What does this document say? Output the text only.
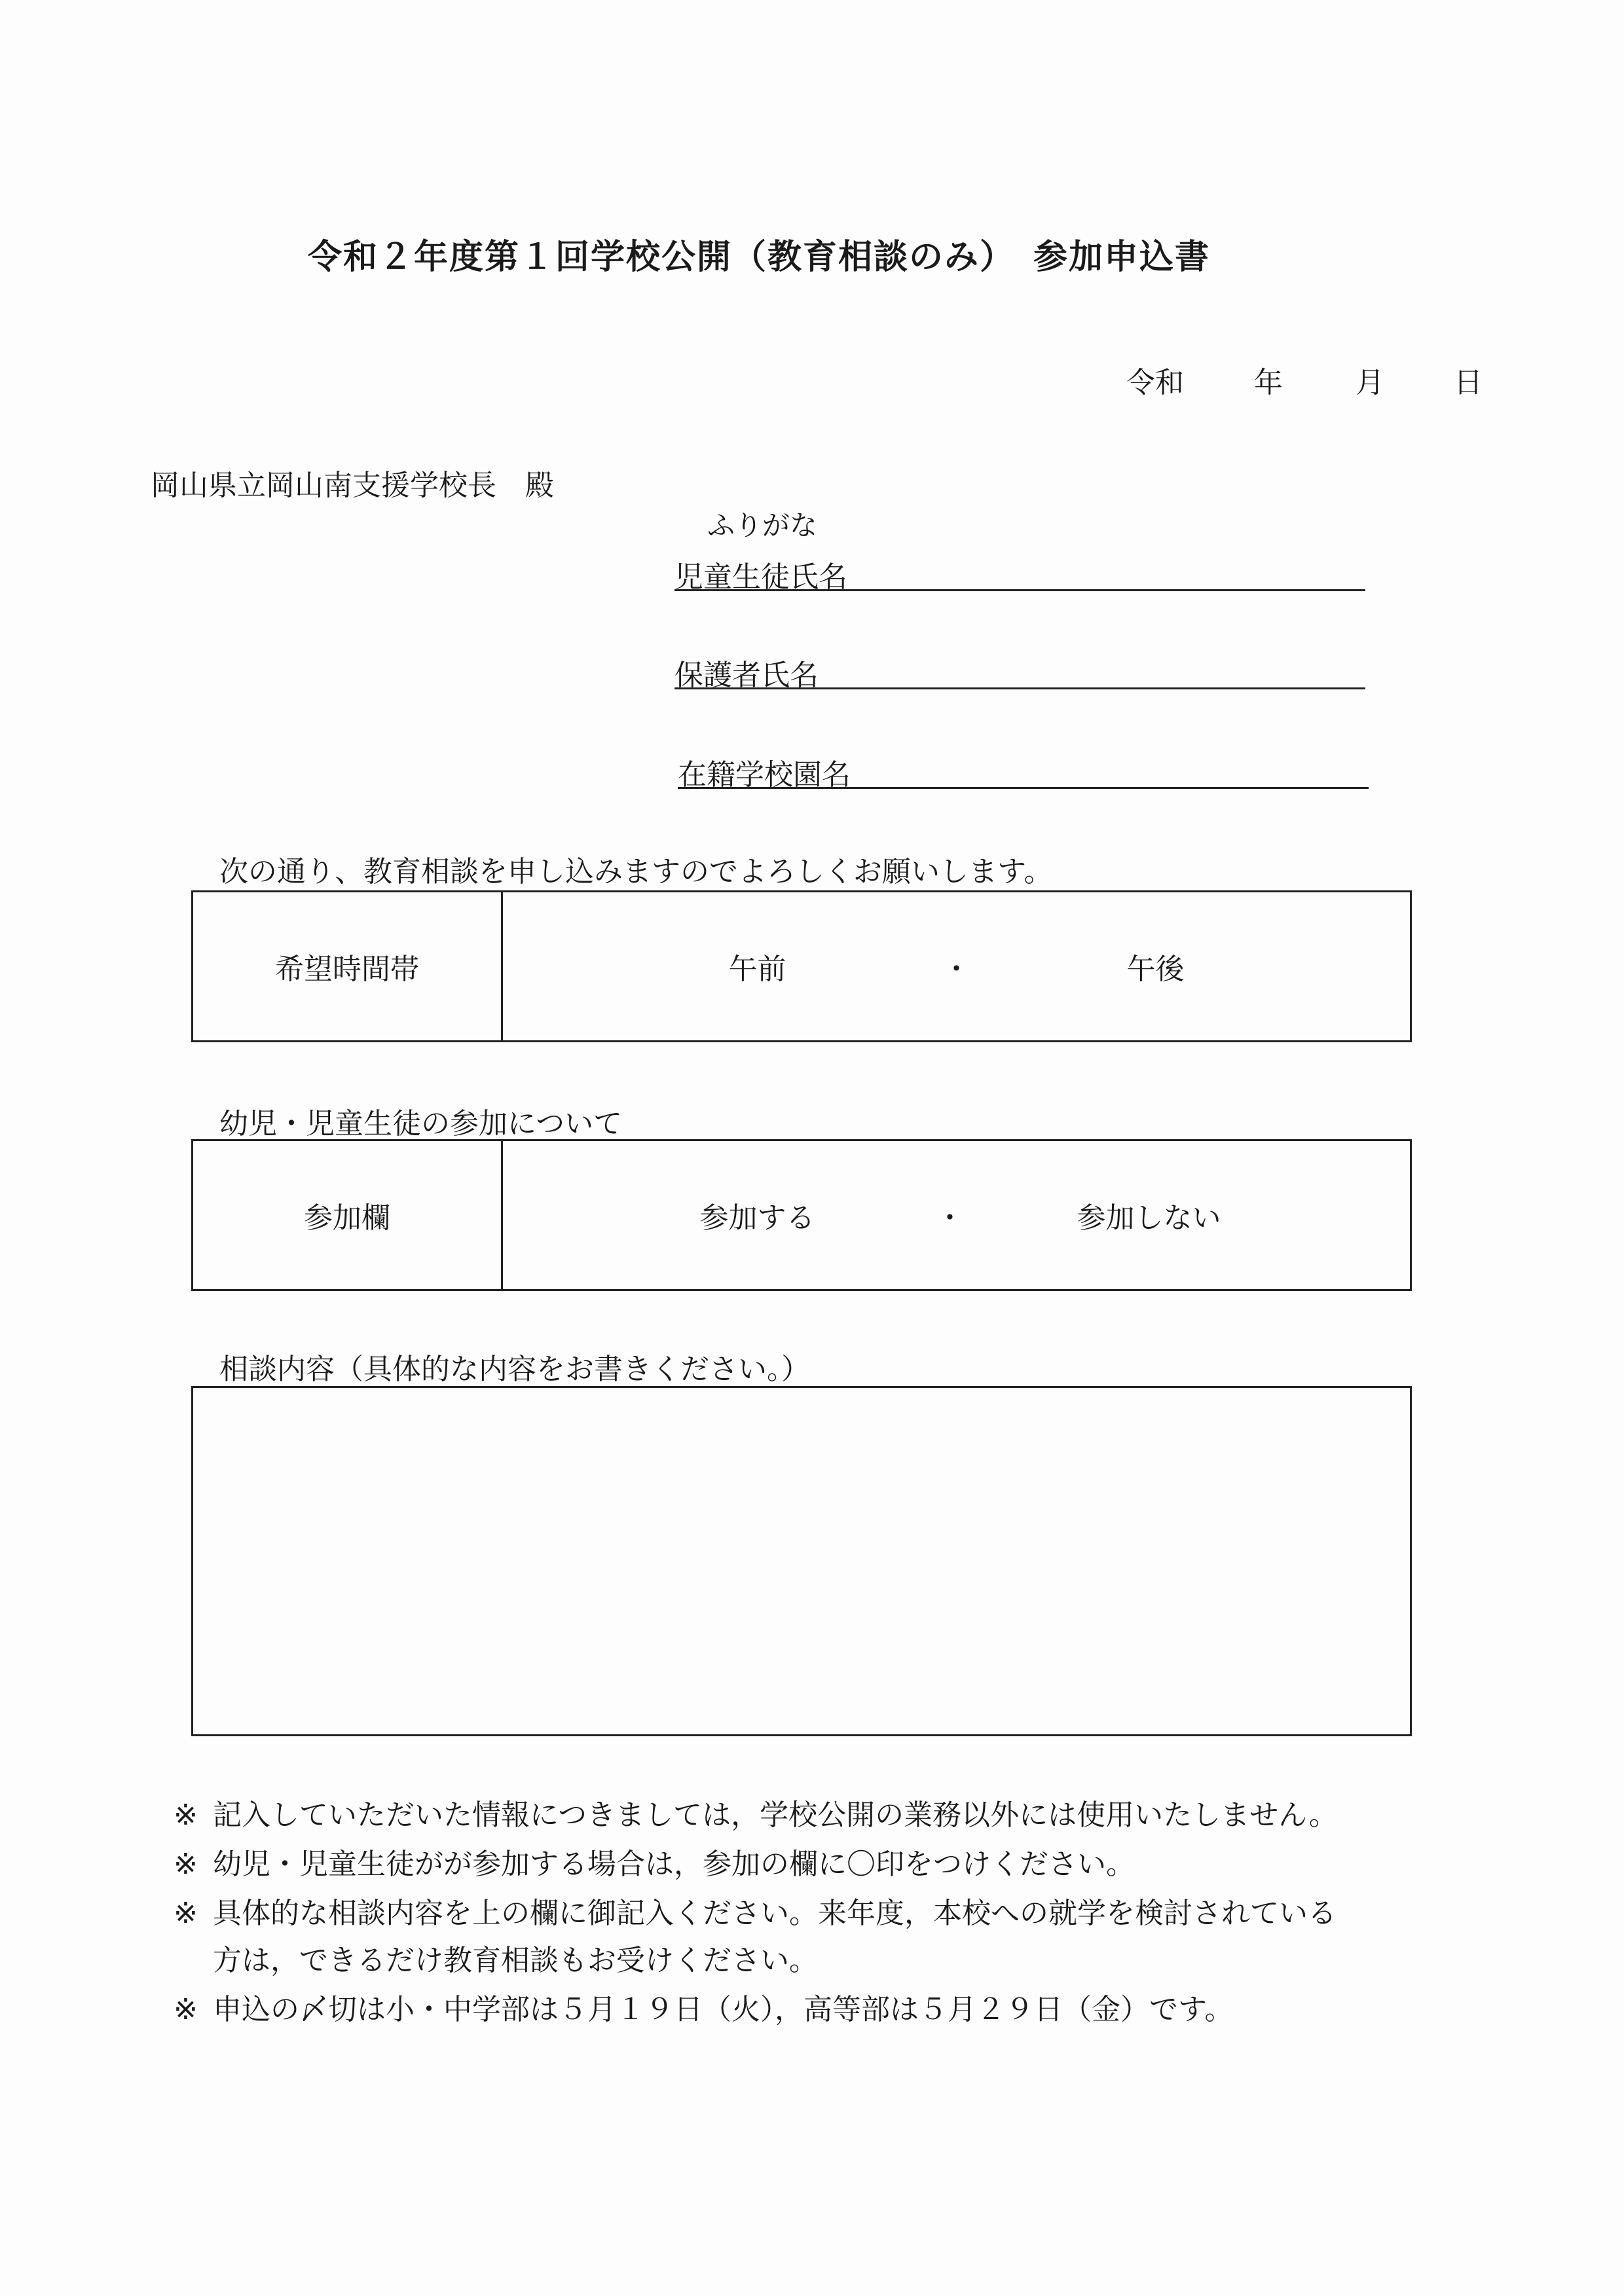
令和２年度第１回学校公開（教育相談のみ）　参加申込書
令和 年	月 日
岡山県立岡山南支援学校長　殿
ふりがな
児童生徒氏名
保護者氏名
在籍学校園名
次の通り、教育相談を申し込みますのでよろしくお願いします。
希望時間帯	午前	・	午後
幼児・児童生徒の参加について
参加欄	参加する	・	参加しない
相談内容（具体的な内容をお書きください。）
※ 記入していただいた情報につきましては，学校公開の業務以外には使用いたしません。
※ 幼児・児童生徒がが参加する場合は，参加の欄に〇印をつけください。
※ 具体的な相談内容を上の欄に御記入ください。来年度，本校への就学を検討されている
方は，できるだけ教育相談もお受けください。
※ 申込の〆切は小・中学部は５月１９日（火），高等部は５月２９日（金）です。
